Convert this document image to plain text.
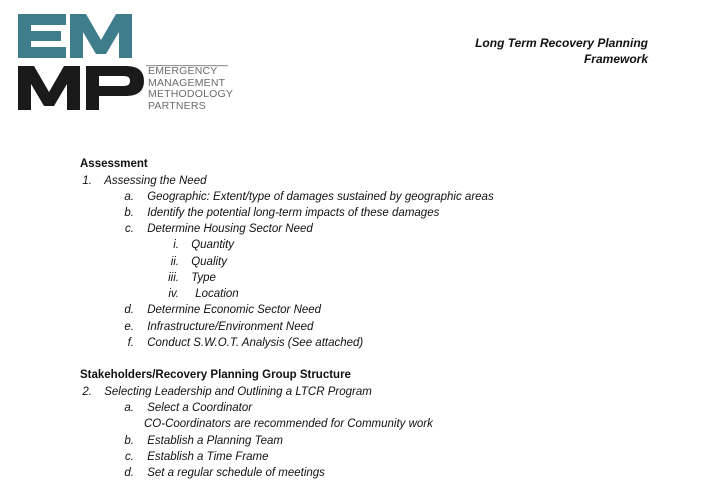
EMERGENCY
MANAGEMENT
METHODOLOGY
PARTNERS
Long Term Recovery Planning
Framework
Assessment
1. Assessing the Need
a. Geographic: Extent/type of damages sustained by geographic areas
b. Identify the potential long-term impacts of these damages
c. Determine Housing Sector Need
i. Quantity
ii. Quality
iii. Type
iv. Location
d. Determine Economic Sector Need
e. Infrastructure/Environment Need
f. Conduct S.W.O.T. Analysis (See attached)
Stakeholders/Recovery Planning Group Structure
2. Selecting Leadership and Outlining a LTCR Program
a. Select a Coordinator
CO-Coordinators are recommended for Community work
b. Establish a Planning Team
c. Establish a Time Frame
d. Set a regular schedule of meetings
